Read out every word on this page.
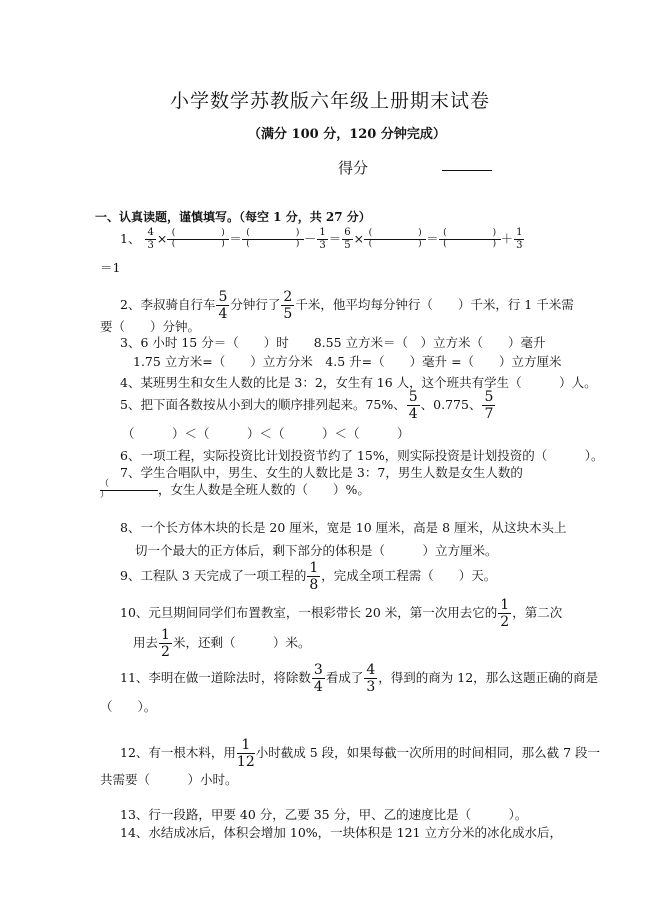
小学数学苏教版六年级上册期末试卷
（满分 100 分，120 分钟完成）
得分
一、认真读题，谨慎填写。（每空 1 分，共 27 分）
1、 $\frac{4}{3}$ × (	)
(	) ＝ (	)
(	) － $\frac{1}{3} = \frac{6}{5}$ × (	)
(	) ＝ (	)
(	) ＋ $\frac{1}{3}$
＝1
2、李叔骑自行车 $\frac{5}{4}$ 分钟行了 $\frac{2}{5}$ 千米，他平均每分钟行（　　）千米，行 1 千米需
要（　　）分钟。
3、6 小时 15 分＝（　　）时　　8.55 立方米＝（　）立方米（　　）毫升
1.75 立方米=（　　）立方分米　4.5 升=（　　）毫升 =（　　）立方厘米
4、某班男生和女生人数的比是 3：2，女生有 16 人，这个班共有学生（　　　）人。
5、把下面各数按从小到大的顺序排列起来。75%、 $\frac{5}{4}$ 、0.775、 $\frac{5}{7}$
（　　　）＜（　　　）＜（　　　）＜（　　　）
6、一项工程，实际投资比计划投资节约了 15%，则实际投资是计划投资的（　　　）。
7、学生合唱队中，男生、女生的人数比是 3：7，男生人数是女生人数的
（
）	，女生人数是全班人数的（　　）%。
8、一个长方体木块的长是 20 厘米，宽是 10 厘米，高是 8 厘米，从这块木头上
切一个最大的正方体后，剩下部分的体积是（　　　）立方厘米。
9、工程队 3 天完成了一项工程的 $\frac{1}{8}$ ，完成全项工程需（　　）天。
10、元旦期间同学们布置教室，一根彩带长 20 米，第一次用去它的 $\frac{1}{2}$ ，第二次
用去 $\frac{1}{2}$ 米，还剩（　　　）米。
11、李明在做一道除法时，将除数 $\frac{3}{4}$ 看成了 $\frac{4}{3}$ ，得到的商为 12，那么这题正确的商是
（　　）。
12、有一根木料，用 $\frac{1}{12}$ 小时截成 5 段，如果每截一次所用的时间相同，那么截 7 段一
共需要（　　　）小时。
13、行一段路，甲要 40 分，乙要 35 分，甲、乙的速度比是（　　　）。
14、水结成冰后，体积会增加 10%，一块体积是 121 立方分米的冰化成水后，
